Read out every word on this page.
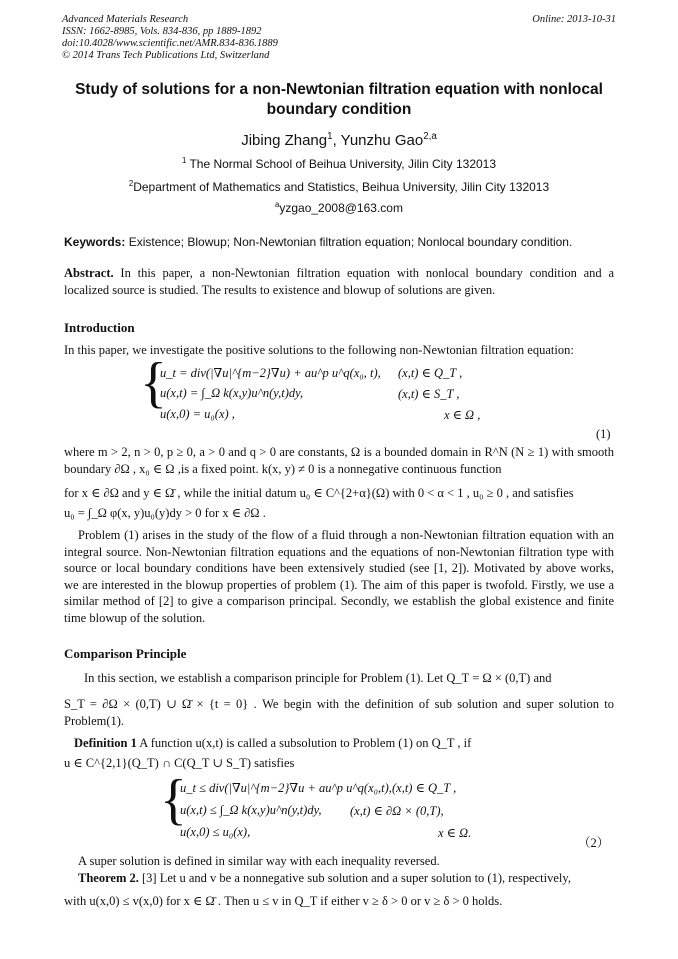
Advanced Materials Research
ISSN: 1662-8985, Vols. 834-836, pp 1889-1892
doi:10.4028/www.scientific.net/AMR.834-836.1889
© 2014 Trans Tech Publications Ltd, Switzerland
Online: 2013-10-31
Study of solutions for a non-Newtonian filtration equation with nonlocal boundary condition
Jibing Zhang$^1$, Yunzhu Gao$^{2,a}$
$^1$ The Normal School of Beihua University, Jilin City 132013
$^2$Department of Mathematics and Statistics, Beihua University, Jilin City 132013
$^a$yzgao_2008@163.com
Keywords: Existence; Blowup; Non-Newtonian filtration equation; Nonlocal boundary condition.
Abstract. In this paper, a non-Newtonian filtration equation with nonlocal boundary condition and a localized source is studied. The results to existence and blowup of solutions are given.
Introduction
In this paper, we investigate the positive solutions to the following non-Newtonian filtration equation:
{
u_t = div(|∇u|^{m−2}∇u) + au^p u^q(x₀, t),
u(x,t) = ∫_Ω k(x,y)u^n(y,t)dy,
u(x,0) = u₀(x) ,
(x,t) ∈ Q_T ,
(x,t) ∈ S_T ,
x ∈ Ω ,
(1)
where m > 2, n > 0, p ≥ 0, a > 0 and q > 0 are constants, Ω is a bounded domain in R^N (N ≥ 1) with smooth boundary ∂Ω , x₀ ∈ Ω ,is a fixed point. k(x, y) ≠ 0 is a nonnegative continuous function
for x ∈ ∂Ω and y ∈ Ω̄ , while the initial datum u₀ ∈ C^{2+α}(Ω) with 0 < α < 1 , u₀ ≥ 0 , and satisfies
u₀ = ∫_Ω φ(x, y)u₀(y)dy > 0 for x ∈ ∂Ω .
Problem (1) arises in the study of the flow of a fluid through a non-Newtonian filtration equation with an integral source. Non-Newtonian filtration equations and the equations of non-Newtonian filtration type with source or local boundary conditions have been extensively studied (see [1, 2]). Motivated by above works, we are interested in the blowup properties of problem (1). The aim of this paper is twofold. Firstly, we use a similar method of [2] to give a comparison principal. Secondly, we establish the global existence and finite time blowup of the solution.
Comparison Principle
In this section, we establish a comparison principle for Problem (1). Let Q_T = Ω × (0,T) and
S_T = ∂Ω × (0,T) ∪ Ω̄ × {t = 0} . We begin with the definition of sub solution and super solution to Problem(1).
Definition 1 A function u(x,t) is called a subsolution to Problem (1) on Q_T , if
u ∈ C^{2,1}(Q_T) ∩ C(Q_T ∪ S_T) satisfies
{
u_t ≤ div(|∇u|^{m−2}∇u + au^p u^q(x₀,t),
u(x,t) ≤ ∫_Ω k(x,y)u^n(y,t)dy,
u(x,0) ≤ u₀(x),
(x,t) ∈ Q_T ,
(x,t) ∈ ∂Ω × (0,T),
x ∈ Ω.
（2）
A super solution is defined in similar way with each inequality reversed.
Theorem 2. [3] Let u and v be a nonnegative sub solution and a super solution to (1), respectively,
with u(x,0) ≤ v(x,0) for x ∈ Ω̄ . Then u ≤ v in Q_T if either v ≥ δ > 0 or v ≥ δ > 0 holds.
